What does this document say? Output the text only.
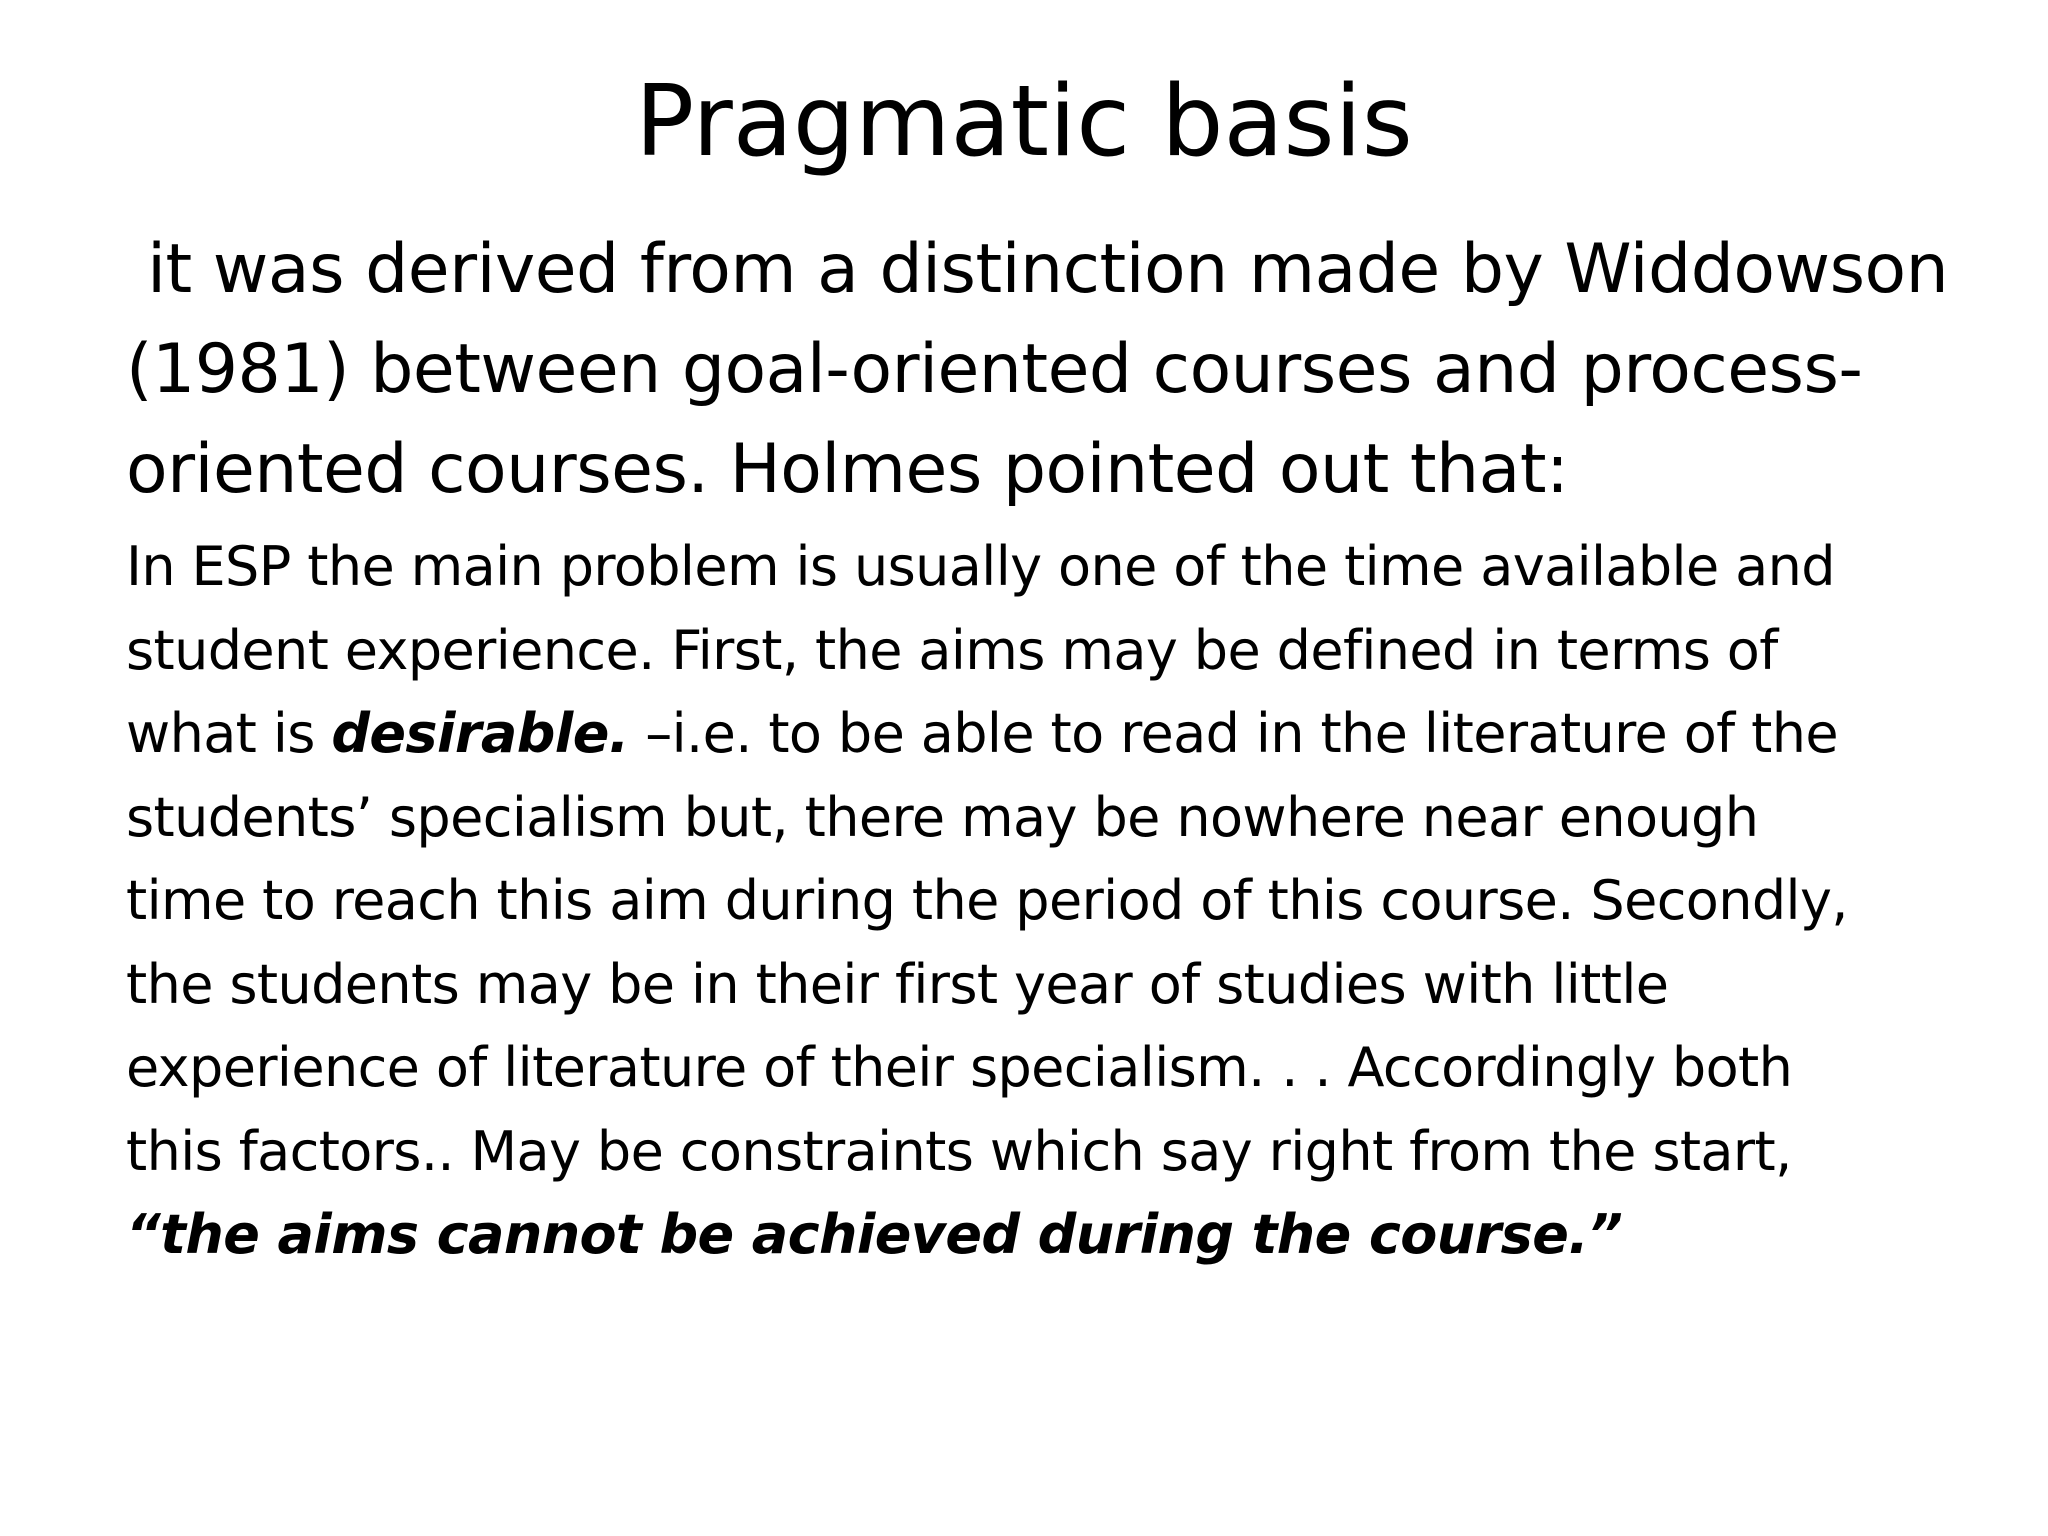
Pragmatic basis
it was derived from a distinction made by Widdowson
(1981) between goal-oriented courses and process-
oriented courses. Holmes pointed out that:
In ESP the main problem is usually one of the time available and
student experience. First, the aims may be defined in terms of
what is desirable. –i.e. to be able to read in the literature of the
students’ specialism but, there may be nowhere near enough
time to reach this aim during the period of this course. Secondly,
the students may be in their first year of studies with little
experience of literature of their specialism. . . Accordingly both
this factors.. May be constraints which say right from the start,
“the aims cannot be achieved during the course.”
